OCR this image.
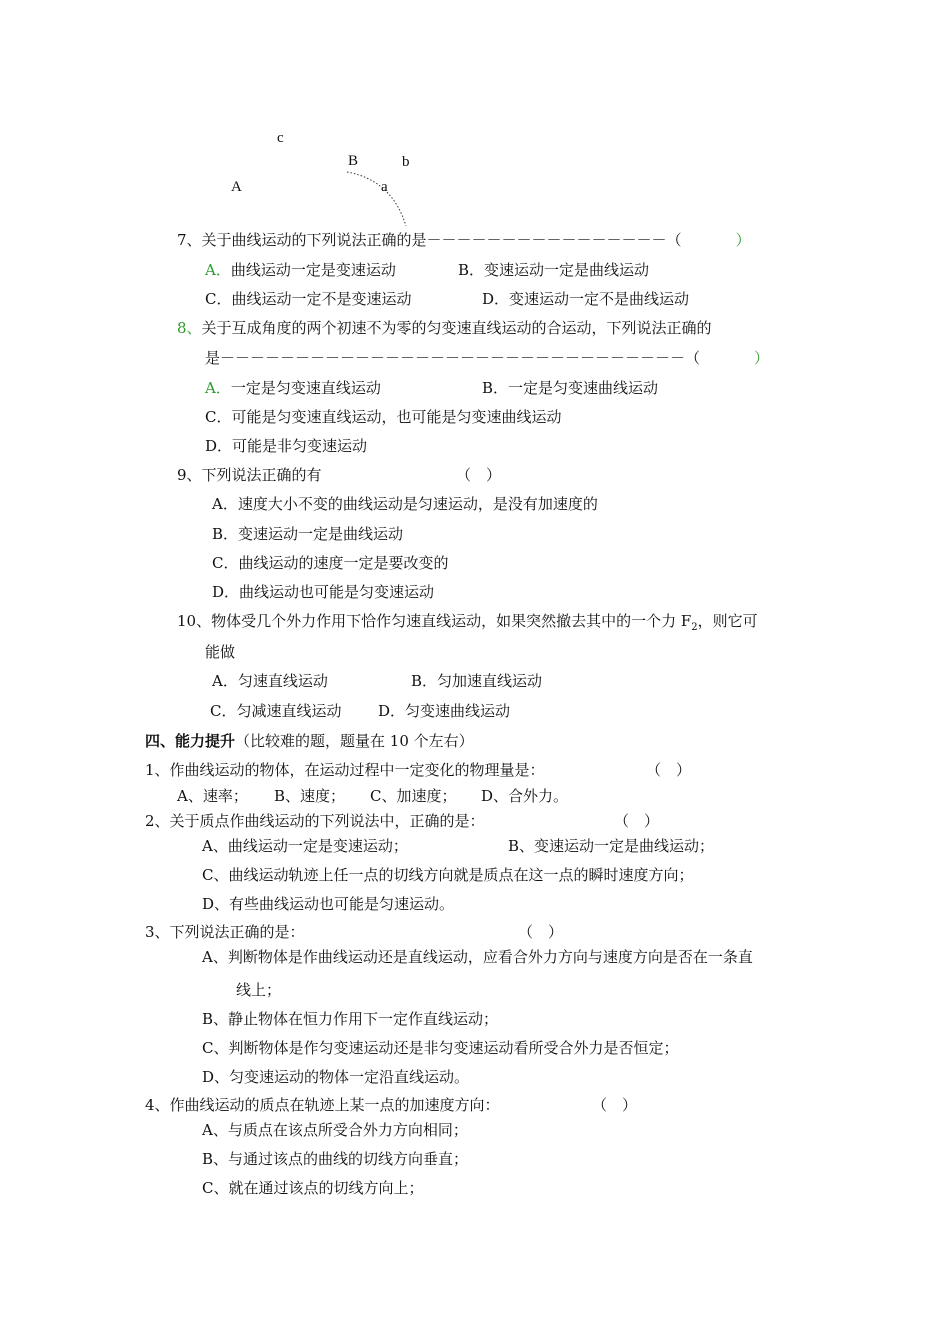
c
B	b
A	a
7、关于曲线运动的下列说法正确的是－－－－－－－－－－－－－－－－（	）
A．曲线运动一定是变速运动	B．变速运动一定是曲线运动
C．曲线运动一定不是变速运动	D．变速运动一定不是曲线运动
8、关于互成角度的两个初速不为零的匀变速直线运动的合运动，下列说法正确的
是－－－－－－－－－－－－－－－－－－－－－－－－－－－－－－－（	）
A．一定是匀变速直线运动	B．一定是匀变速曲线运动
C．可能是匀变速直线运动，也可能是匀变速曲线运动
D．可能是非匀变速运动
9、下列说法正确的有	（　）
A．速度大小不变的曲线运动是匀速运动，是没有加速度的
B．变速运动一定是曲线运动
C．曲线运动的速度一定是要改变的
D．曲线运动也可能是匀变速运动
10、物体受几个外力作用下恰作匀速直线运动，如果突然撤去其中的一个力 $F_2$，则它可
能做
A．匀速直线运动	B．匀加速直线运动
C．匀减速直线运动 D．匀变速曲线运动
四、能力提升（比较难的题，题量在 10 个左右）
1、作曲线运动的物体，在运动过程中一定变化的物理量是：	（　）
A、速率； B、速度； C、加速度； D、合外力。
2、关于质点作曲线运动的下列说法中，正确的是：	（　）
A、曲线运动一定是变速运动；	B、变速运动一定是曲线运动；
C、曲线运动轨迹上任一点的切线方向就是质点在这一点的瞬时速度方向；
D、有些曲线运动也可能是匀速运动。
3、下列说法正确的是：	（　）
A、判断物体是作曲线运动还是直线运动，应看合外力方向与速度方向是否在一条直
线上；
B、静止物体在恒力作用下一定作直线运动；
C、判断物体是作匀变速运动还是非匀变速运动看所受合外力是否恒定；
D、匀变速运动的物体一定沿直线运动。
4、作曲线运动的质点在轨迹上某一点的加速度方向：	（　）
A、与质点在该点所受合外力方向相同；
B、与通过该点的曲线的切线方向垂直；
C、就在通过该点的切线方向上；
